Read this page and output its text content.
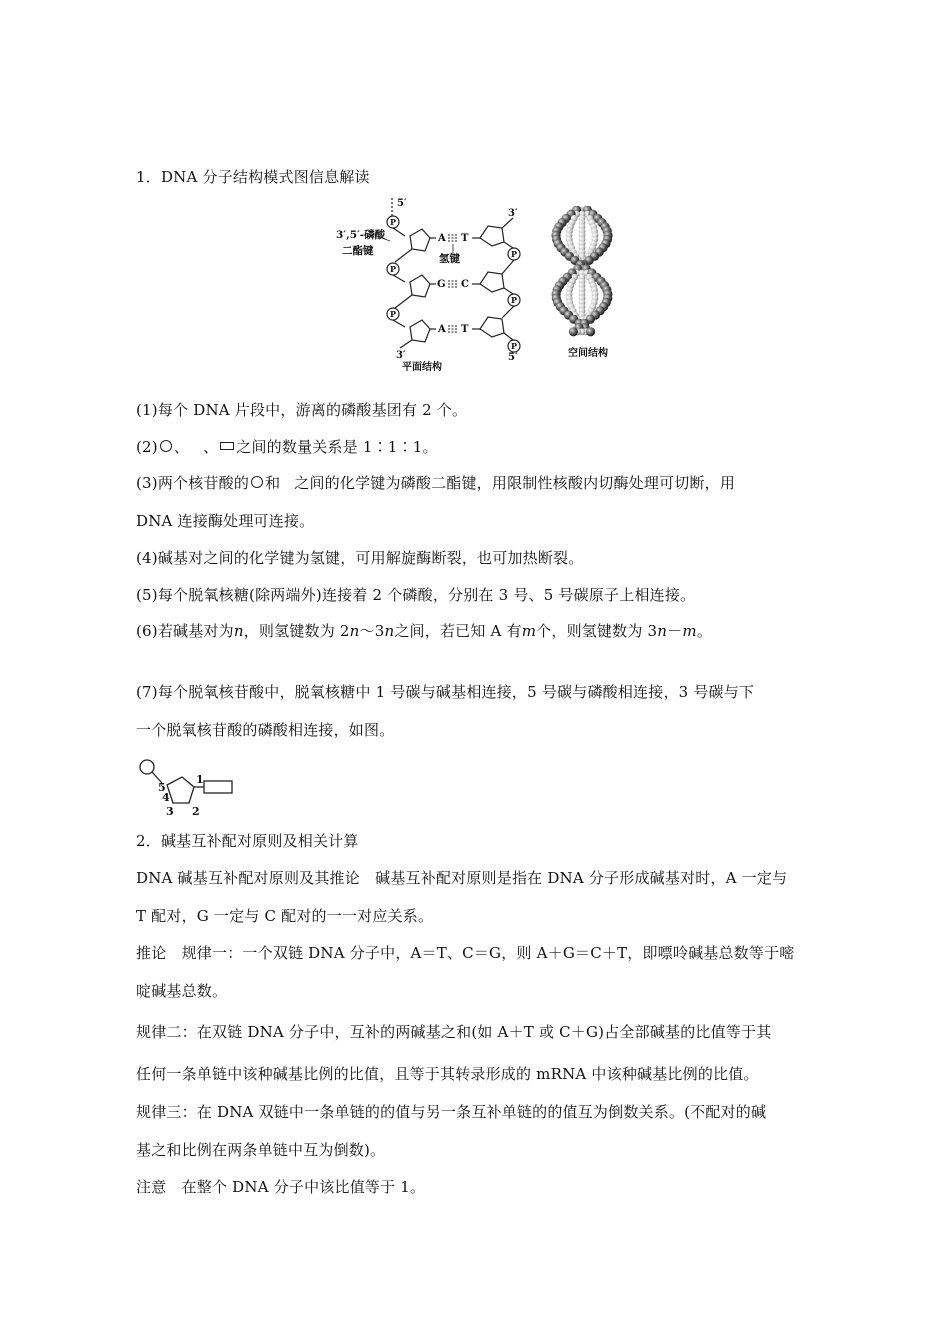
1．DNA 分子结构模式图信息解读
P
P
P
P
P
P
5′
3′
3′	5′
A T
G C
A T
3′,5′-磷酸
二酯键
氢键
平面结构
空间结构
(1)每个 DNA 片段中，游离的磷酸基团有 2 个。
(2) 、 、 之间的数量关系是 1∶1∶1。
(3)两个核苷酸的 和 之间的化学键为磷酸二酯键，用限制性核酸内切酶处理可切断，用
DNA 连接酶处理可连接。
(4)碱基对之间的化学键为氢键，可用解旋酶断裂，也可加热断裂。
(5)每个脱氧核糖(除两端外)连接着 2 个磷酸，分别在 3 号、5 号碳原子上相连接。
(6)若碱基对为n，则氢键数为 2n～3n之间，若已知 A 有m个，则氢键数为 3n－m。
(7)每个脱氧核苷酸中，脱氧核糖中 1 号碳与碱基相连接，5 号碳与磷酸相连接，3 号碳与下
一个脱氧核苷酸的磷酸相连接，如图。
1
2
3
4
5
2．碱基互补配对原则及相关计算
DNA 碱基互补配对原则及其推论　碱基互补配对原则是指在 DNA 分子形成碱基对时，A 一定与
T 配对，G 一定与 C 配对的一一对应关系。
推论　规律一：一个双链 DNA 分子中，A＝T、C＝G，则 A＋G＝C＋T，即嘌呤碱基总数等于嘧
啶碱基总数。
规律二：在双链 DNA 分子中，互补的两碱基之和(如 A＋T 或 C＋G)占全部碱基的比值等于其
任何一条单链中该种碱基比例的比值，且等于其转录形成的 mRNA 中该种碱基比例的比值。
规律三：在 DNA 双链中一条单链的的值与另一条互补单链的的值互为倒数关系。(不配对的碱
基之和比例在两条单链中互为倒数)。
注意　在整个 DNA 分子中该比值等于 1。
